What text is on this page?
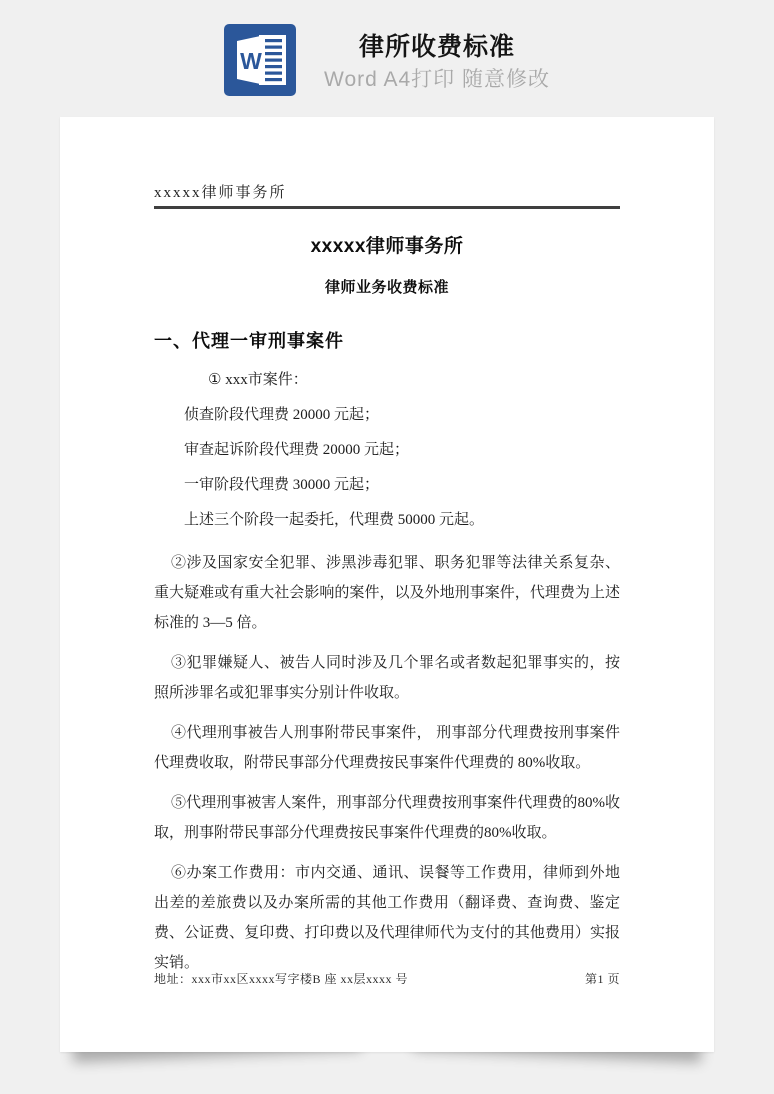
W	律所收费标准

Word A4打印 随意修改

xxxxx律师事务所
xxxxx律师事务所
律师业务收费标准
一、代理一审刑事案件

① xxx市案件：

侦查阶段代理费 20000 元起；

审查起诉阶段代理费 20000 元起；

一审阶段代理费 30000 元起；

上述三个阶段一起委托，代理费 50000 元起。

②涉及国家安全犯罪、涉黑涉毒犯罪、职务犯罪等法律关系复杂、重大疑难或有重大社会影响的案件，以及外地刑事案件，代理费为上述标准的 3—5 倍。

③犯罪嫌疑人、被告人同时涉及几个罪名或者数起犯罪事实的，按照所涉罪名或犯罪事实分别计件收取。

④代理刑事被告人刑事附带民事案件， 刑事部分代理费按刑事案件代理费收取，附带民事部分代理费按民事案件代理费的 80%收取。

⑤代理刑事被害人案件，刑事部分代理费按刑事案件代理费的80%收取，刑事附带民事部分代理费按民事案件代理费的80%收取。

⑥办案工作费用：市内交通、通讯、误餐等工作费用，律师到外地出差的差旅费以及办案所需的其他工作费用（翻译费、查询费、鉴定费、公证费、复印费、打印费以及代理律师代为支付的其他费用）实报实销。

地址：xxx市xx区xxxx写字楼B 座 xx层xxxx 号	第1 页
